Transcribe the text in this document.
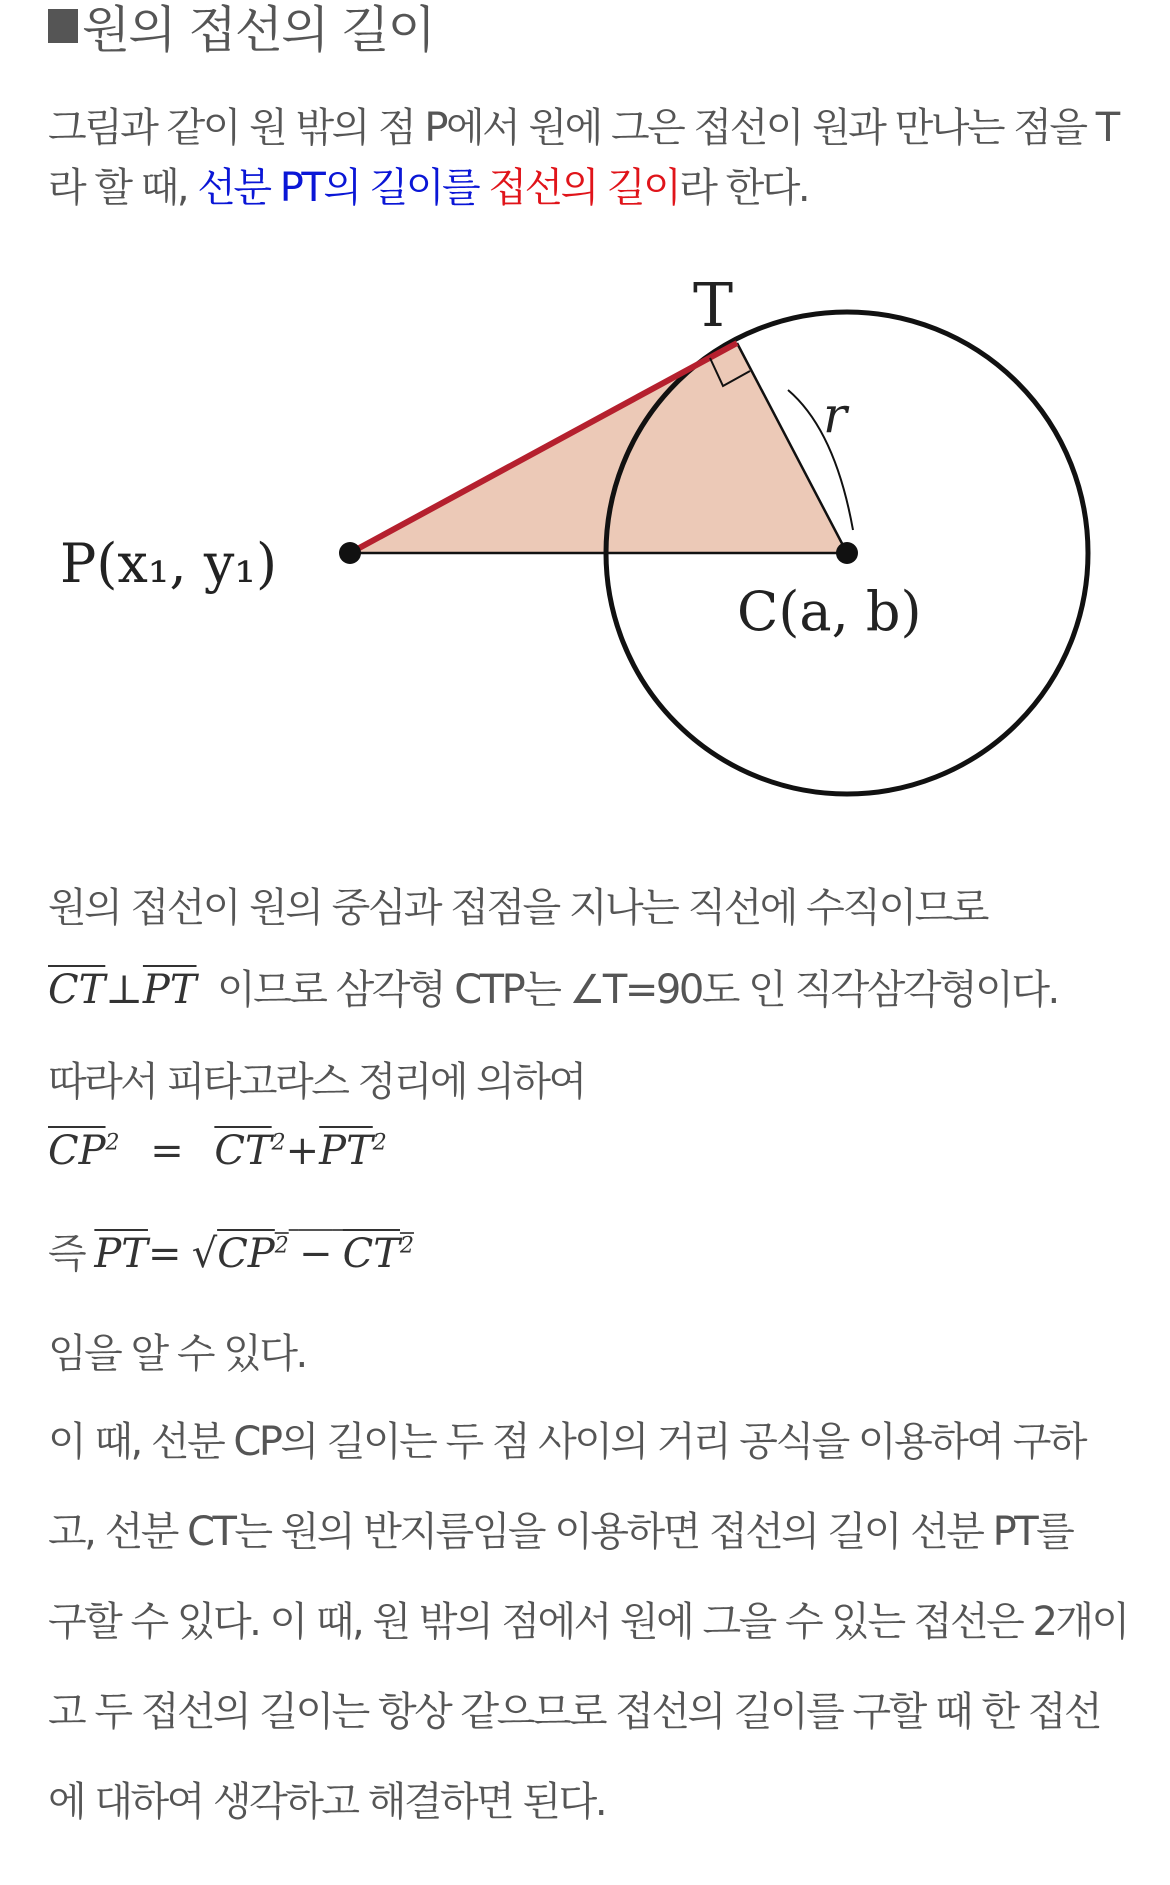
원의 접선의 길이
그림과 같이 원 밖의 점 P에서 원에 그은 접선이 원과 만나는 점을 T
라 할 때, 선분 PT의 길이를 접선의 길이라 한다.
T
r
P(x₁, y₁)
C(a, b)
원의 접선이 원의 중심과 접점을 지나는 직선에 수직이므로
$\overline{CT}\perp\overline{PT}$ 이므로 삼각형 CTP는 ∠T=90도 인 직각삼각형이다.
따라서 피타고라스 정리에 의하여
$\overline{CP}^2 = \overline{CT}^2+\overline{PT}^2$
즉 $\overline{PT}= √CP^2 - CT^2$
임을 알 수 있다.
이 때, 선분 CP의 길이는 두 점 사이의 거리 공식을 이용하여 구하
고, 선분 CT는 원의 반지름임을 이용하면 접선의 길이 선분 PT를
구할 수 있다. 이 때, 원 밖의 점에서 원에 그을 수 있는 접선은 2개이
고 두 접선의 길이는 항상 같으므로 접선의 길이를 구할 때 한 접선
에 대하여 생각하고 해결하면 된다.
